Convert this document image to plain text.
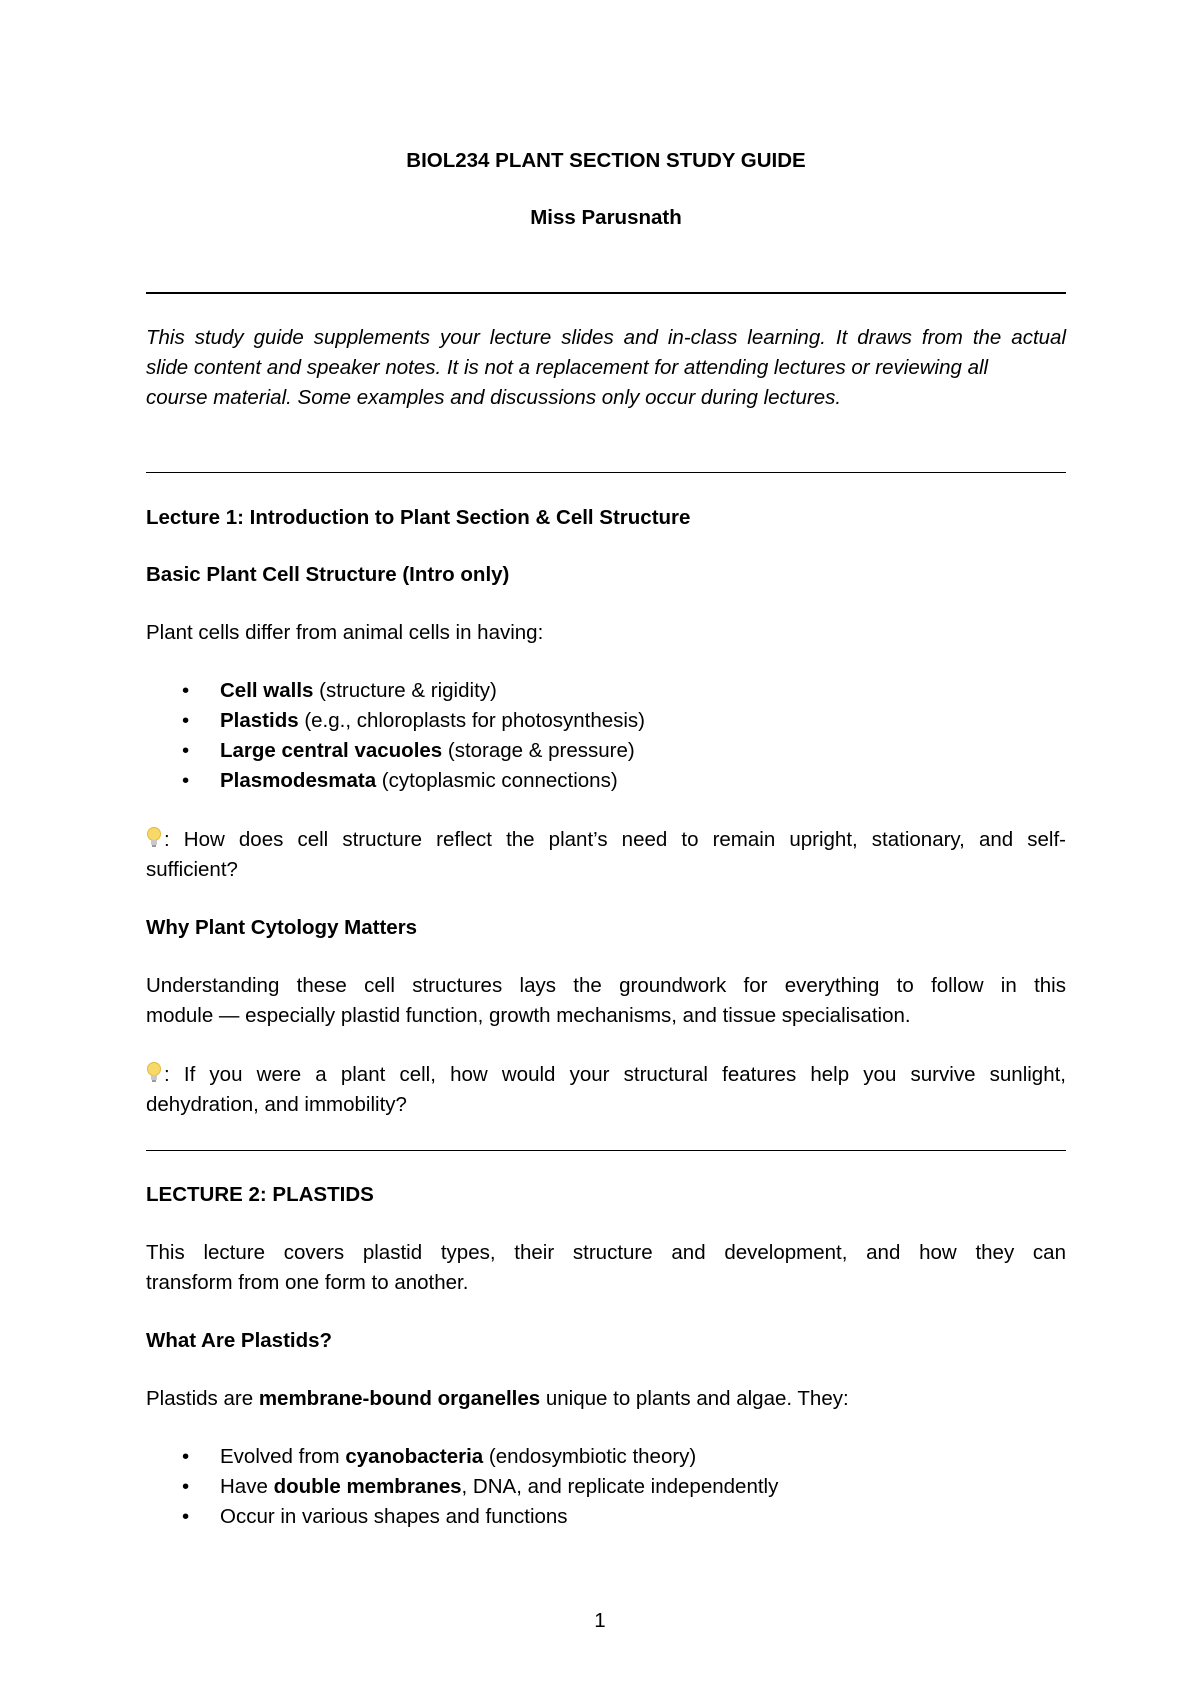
BIOL234 PLANT SECTION STUDY GUIDE
Miss Parusnath
This study guide supplements your lecture slides and in-class learning. It draws from the actual
slide content and speaker notes. It is not a replacement for attending lectures or reviewing all
course material. Some examples and discussions only occur during lectures.
Lecture 1: Introduction to Plant Section & Cell Structure
Basic Plant Cell Structure (Intro only)
Plant cells differ from animal cells in having:
• Cell walls (structure & rigidity)
• Plastids (e.g., chloroplasts for photosynthesis)
• Large central vacuoles (storage & pressure)
• Plasmodesmata (cytoplasmic connections)
: How does cell structure reflect the plant’s need to remain upright, stationary, and self-
sufficient?
Why Plant Cytology Matters
Understanding these cell structures lays the groundwork for everything to follow in this
module — especially plastid function, growth mechanisms, and tissue specialisation.
: If you were a plant cell, how would your structural features help you survive sunlight,
dehydration, and immobility?
LECTURE 2: PLASTIDS
This lecture covers plastid types, their structure and development, and how they can
transform from one form to another.
What Are Plastids?
Plastids are membrane-bound organelles unique to plants and algae. They:
• Evolved from cyanobacteria (endosymbiotic theory)
• Have double membranes, DNA, and replicate independently
• Occur in various shapes and functions
1
